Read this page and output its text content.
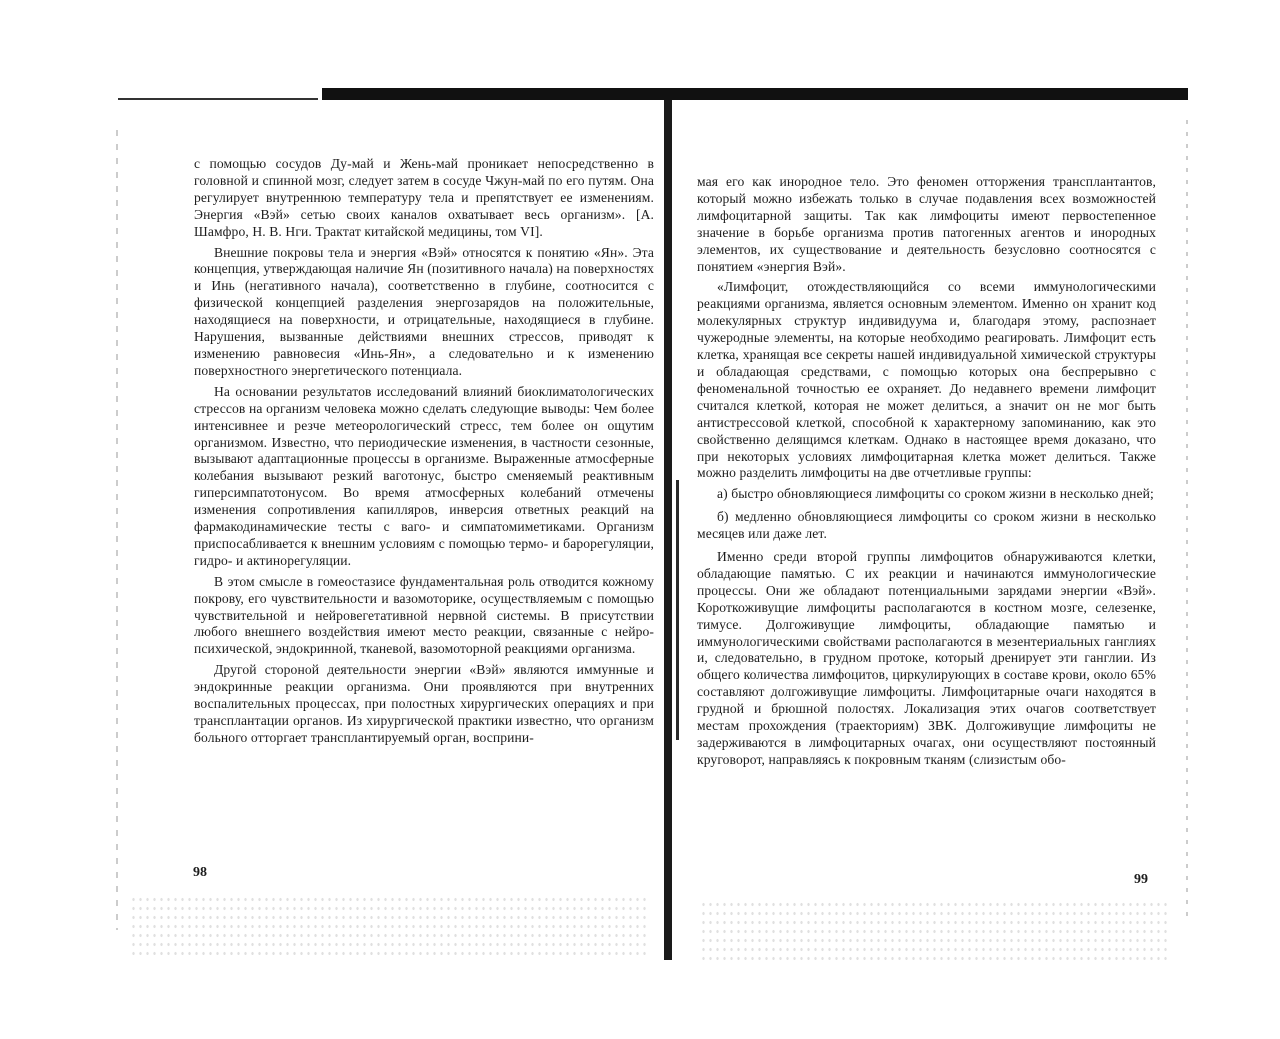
с помощью сосудов Ду-май и Жень-май проникает непосредственно в головной и спинной мозг, следует затем в сосуде Чжун-май по его путям. Она регулирует внутреннюю температуру тела и препятствует ее изменениям. Энергия «Вэй» сетью своих каналов охватывает весь организм». [А. Шамфро, Н. В. Нги. Трактат китайской медицины, том VI].

Внешние покровы тела и энергия «Вэй» относятся к понятию «Ян». Эта концепция, утверждающая наличие Ян (позитивного начала) на поверхностях и Инь (негативного начала), соответственно в глубине, соотносится с физической концепцией разделения энергозарядов на положительные, находящиеся на поверхности, и отрицательные, находящиеся в глубине. Нарушения, вызванные действиями внешних стрессов, приводят к изменению равновесия «Инь-Ян», а следовательно и к изменению поверхностного энергетического потенциала.

На основании результатов исследований влияний биоклиматологических стрессов на организм человека можно сделать следующие выводы: Чем более интенсивнее и резче метеорологический стресс, тем более он ощутим организмом. Известно, что периодические изменения, в частности сезонные, вызывают адаптационные процессы в организме. Выраженные атмосферные колебания вызывают резкий ваготонус, быстро сменяемый реактивным гиперсимпатотонусом. Во время атмосферных колебаний отмечены изменения сопротивления капилляров, инверсия ответных реакций на фармакодинамические тесты с ваго- и симпатомиметиками. Организм приспосабливается к внешним условиям с помощью термо- и барорегуляции, гидро- и актинорегуляции.

В этом смысле в гомеостазисе фундаментальная роль отводится кожному покрову, его чувствительности и вазомоторике, осуществляемым с помощью чувствительной и нейровегетативной нервной системы. В присутствии любого внешнего воздействия имеют место реакции, связанные с нейро-психической, эндокринной, тканевой, вазомоторной реакциями организма.

Другой стороной деятельности энергии «Вэй» являются иммунные и эндокринные реакции организма. Они проявляются при внутренних воспалительных процессах, при полостных хирургических операциях и при трансплантации органов. Из хирургической практики известно, что организм больного отторгает трансплантируемый орган, восприни-

98

мая его как инородное тело. Это феномен отторжения трансплантантов, который можно избежать только в случае подавления всех возможностей лимфоцитарной защиты. Так как лимфоциты имеют первостепенное значение в борьбе организма против патогенных агентов и инородных элементов, их существование и деятельность безусловно соотносятся с понятием «энергия Вэй».

«Лимфоцит, отождествляющийся со всеми иммунологическими реакциями организма, является основным элементом. Именно он хранит код молекулярных структур индивидуума и, благодаря этому, распознает чужеродные элементы, на которые необходимо реагировать. Лимфоцит есть клетка, хранящая все секреты нашей индивидуальной химической структуры и обладающая средствами, с помощью которых она беспрерывно с феноменальной точностью ее охраняет. До недавнего времени лимфоцит считался клеткой, которая не может делиться, а значит он не мог быть антистрессовой клеткой, способной к характерному запоминанию, как это свойственно делящимся клеткам. Однако в настоящее время доказано, что при некоторых условиях лимфоцитарная клетка может делиться. Также можно разделить лимфоциты на две отчетливые группы:

а) быстро обновляющиеся лимфоциты со сроком жизни в несколько дней;

б) медленно обновляющиеся лимфоциты со сроком жизни в несколько месяцев или даже лет.

Именно среди второй группы лимфоцитов обнаруживаются клетки, обладающие памятью. С их реакции и начинаются иммунологические процессы. Они же обладают потенциальными зарядами энергии «Вэй». Короткоживущие лимфоциты располагаются в костном мозге, селезенке, тимусе. Долгоживущие лимфоциты, обладающие памятью и иммунологическими свойствами располагаются в мезентериальных ганглиях и, следовательно, в грудном протоке, который дренирует эти ганглии. Из общего количества лимфоцитов, циркулирующих в составе крови, около 65% составляют долгоживущие лимфоциты. Лимфоцитарные очаги находятся в грудной и брюшной полостях. Локализация этих очагов соответствует местам прохождения (траекториям) ЗВК. Долгоживущие лимфоциты не задерживаются в лимфоцитарных очагах, они осуществляют постоянный круговорот, направляясь к покровным тканям (слизистым обо-

99
